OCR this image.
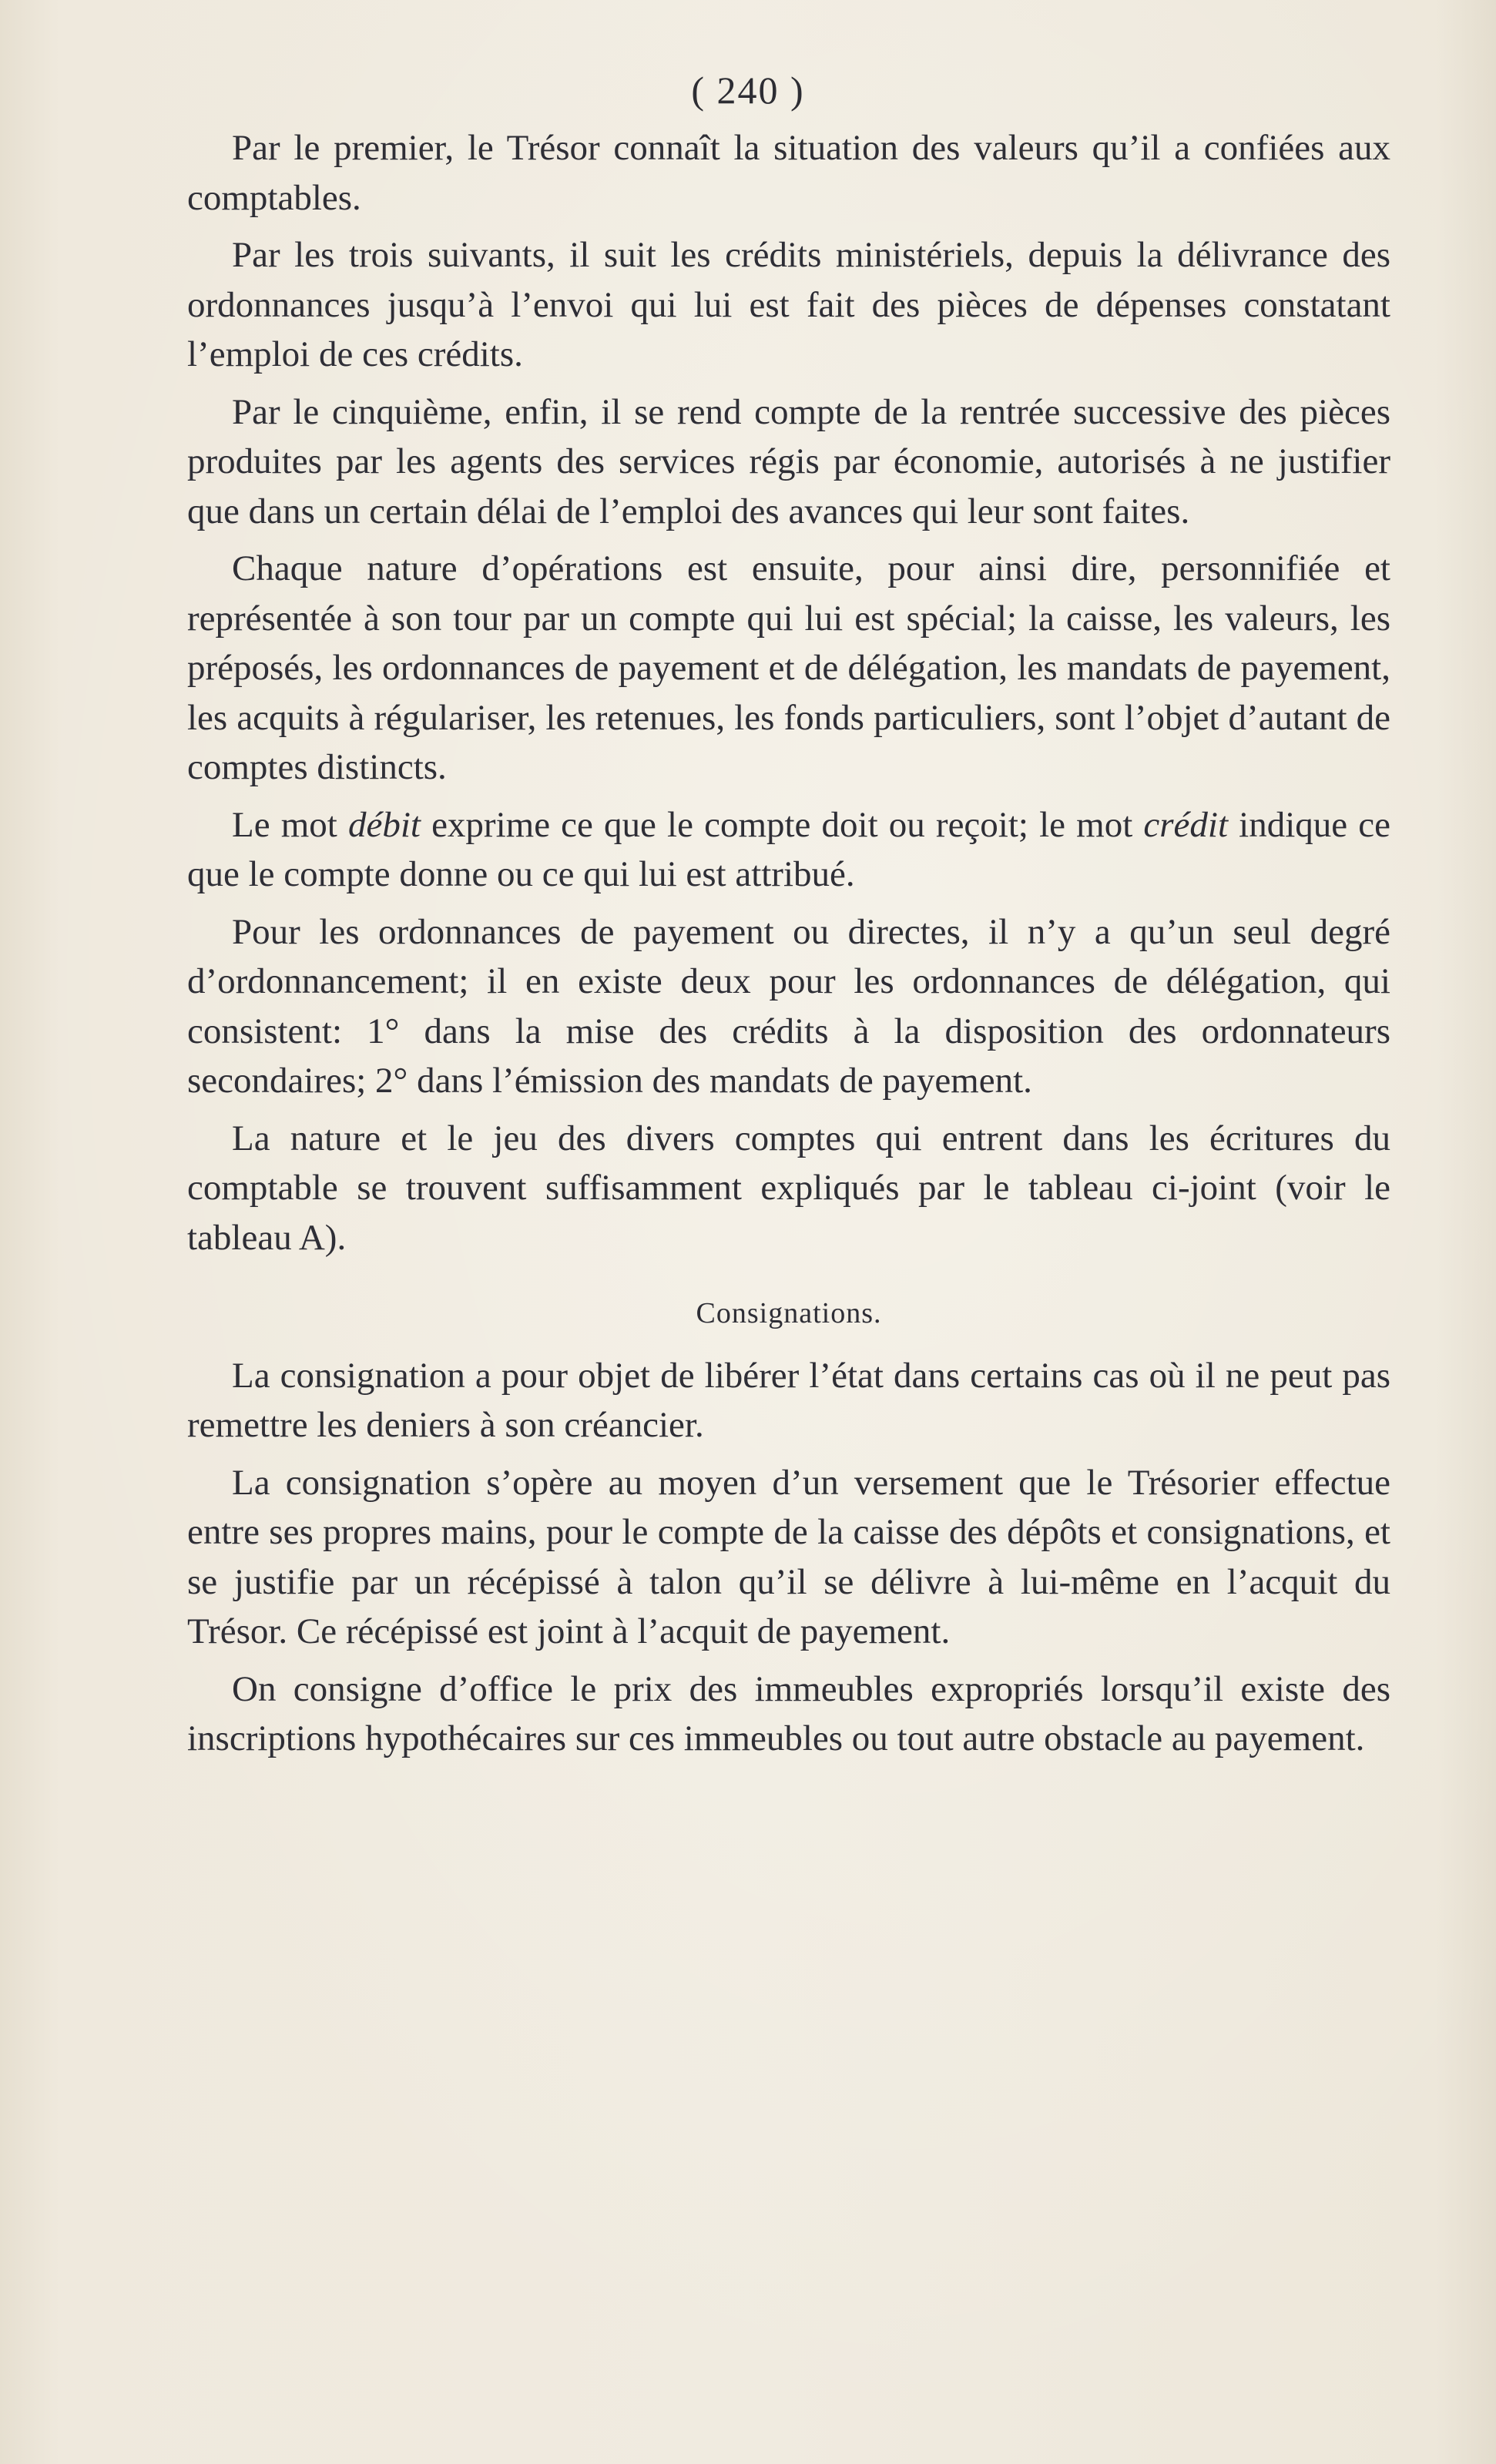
( 240 )

Par le premier, le Trésor connaît la situation des valeurs qu’il a confiées aux comptables.

Par les trois suivants, il suit les crédits ministériels, depuis la délivrance des ordonnances jusqu’à l’envoi qui lui est fait des pièces de dépenses constatant l’emploi de ces crédits.

Par le cinquième, enfin, il se rend compte de la rentrée successive des pièces produites par les agents des services régis par économie, autorisés à ne justifier que dans un certain délai de l’emploi des avances qui leur sont faites.

Chaque nature d’opérations est ensuite, pour ainsi dire, personnifiée et représentée à son tour par un compte qui lui est spécial; la caisse, les valeurs, les préposés, les ordonnances de payement et de délégation, les mandats de payement, les acquits à régulariser, les retenues, les fonds particuliers, sont l’objet d’autant de comptes distincts.

Le mot débit exprime ce que le compte doit ou reçoit; le mot crédit indique ce que le compte donne ou ce qui lui est attribué.

Pour les ordonnances de payement ou directes, il n’y a qu’un seul degré d’ordonnancement; il en existe deux pour les ordonnances de délégation, qui consistent: 1° dans la mise des crédits à la disposition des ordonnateurs secondaires; 2° dans l’émission des mandats de payement.

La nature et le jeu des divers comptes qui entrent dans les écritures du comptable se trouvent suffisamment expliqués par le tableau ci-joint (voir le tableau A).

Consignations.

La consignation a pour objet de libérer l’état dans certains cas où il ne peut pas remettre les deniers à son créancier.

La consignation s’opère au moyen d’un versement que le Trésorier effectue entre ses propres mains, pour le compte de la caisse des dépôts et consignations, et se justifie par un récépissé à talon qu’il se délivre à lui-même en l’acquit du Trésor. Ce récépissé est joint à l’acquit de payement.

On consigne d’office le prix des immeubles expropriés lorsqu’il existe des inscriptions hypothécaires sur ces immeubles ou tout autre obstacle au payement.
